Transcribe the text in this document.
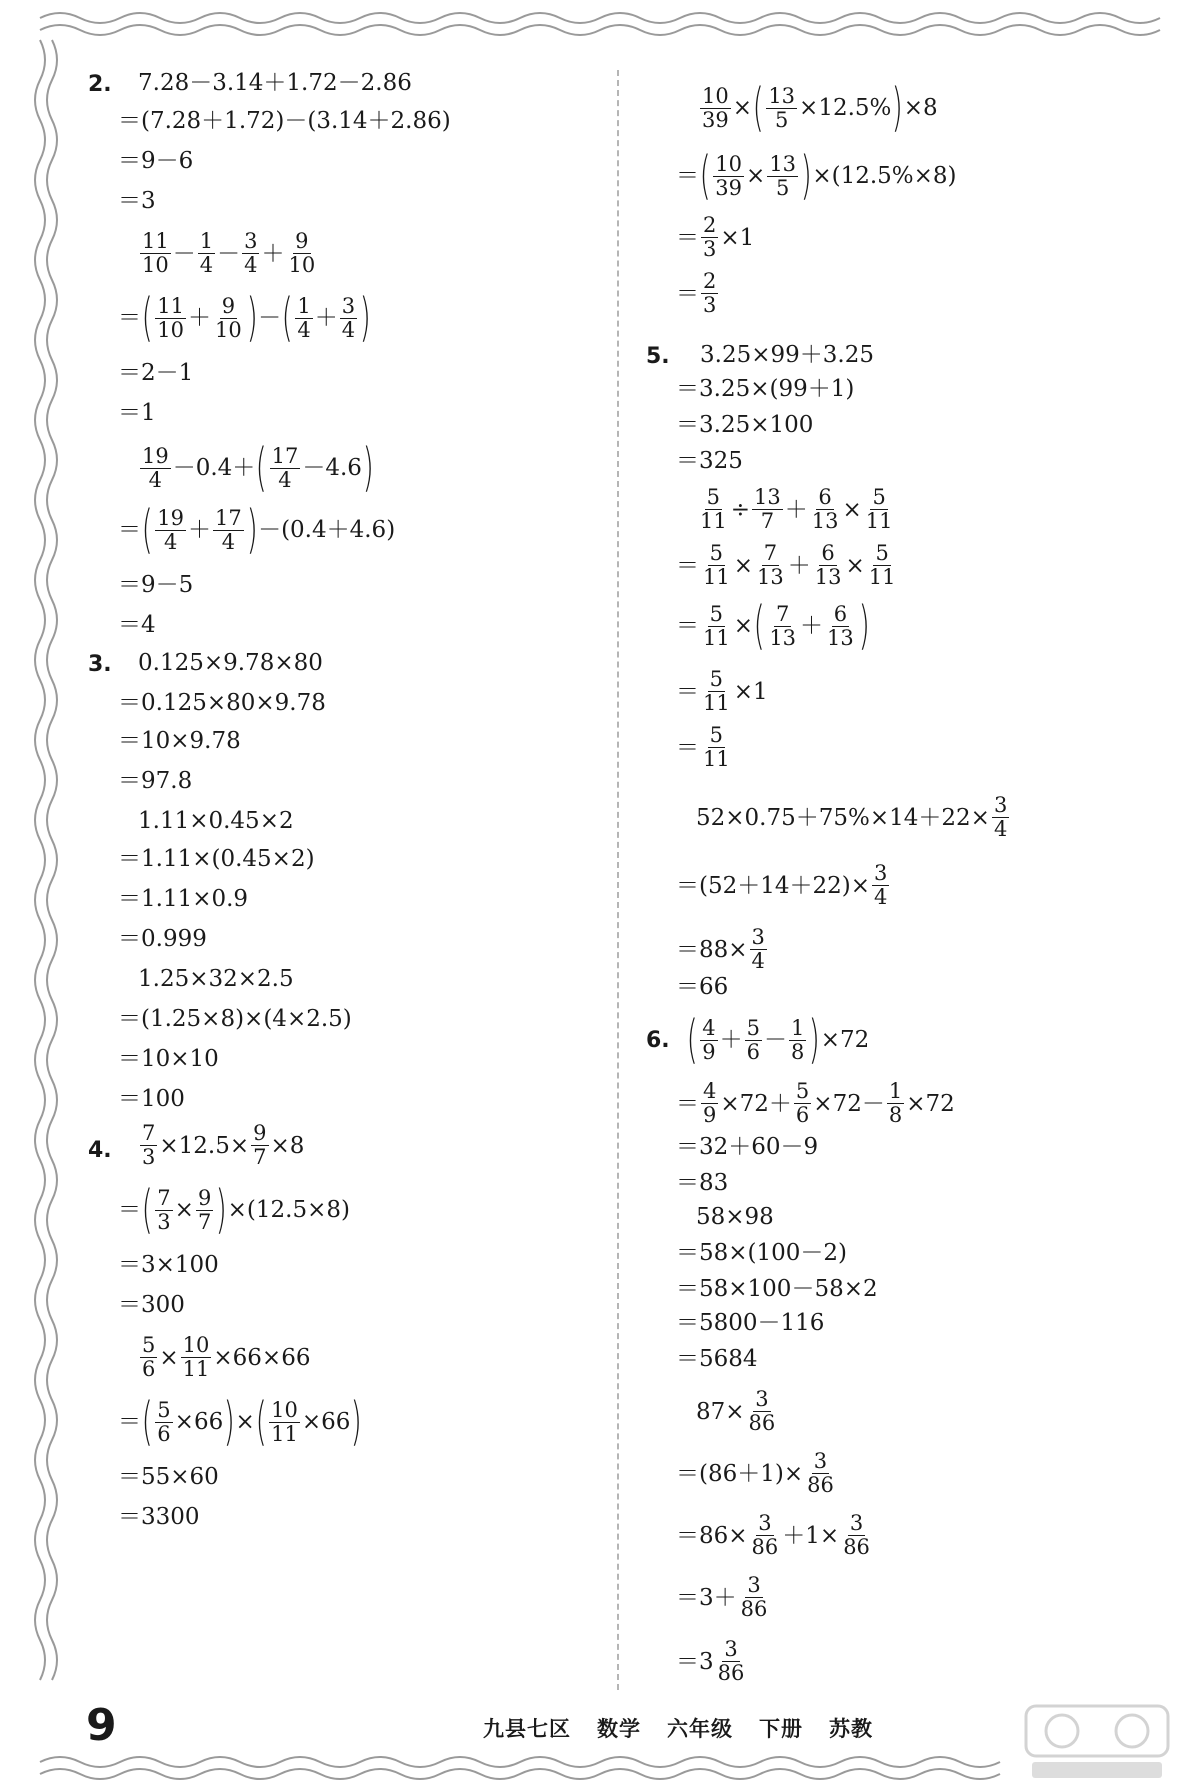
2. 7.28－3.14＋1.72－2.86
＝(7.28＋1.72)－(3.14＋2.86)
＝9－6
＝3
$\frac{11}{10} - \frac{1}{4} - \frac{3}{4} + \frac{9}{10}$
＝ ( $\frac{11}{10} + \frac{9}{10}$ ) － ( $\frac{1}{4} + \frac{3}{4}$ )
＝2－1
＝1
$\frac{19}{4} -0.4+$ ( $\frac{17}{4} -4.6$ )
＝ ( $\frac{19}{4} + \frac{17}{4}$ ) －(0.4＋4.6)
＝9－5
＝4
3. 0.125×9.78×80
＝0.125×80×9.78
＝10×9.78
＝97.8
1.11×0.45×2
＝1.11×(0.45×2)
＝1.11×0.9
＝0.999
1.25×32×2.5
＝(1.25×8)×(4×2.5)
＝10×10
＝100
4. $\frac{7}{3} \times 12.5\times \frac{9}{7} \times 8$
＝ ( $\frac{7}{3} \times \frac{9}{7}$ ) ×(12.5×8)
＝3×100
＝300
$\frac{5}{6} \times \frac{10}{11} \times 66\times 66$
＝ ( $\frac{5}{6} \times 66$ ) × ( $\frac{10}{11} \times 66$ )
＝55×60
＝3300
$\frac{10}{39}$ × ( $\frac{13}{5} \times 12.5\%$ ) ×8
＝ ( $\frac{10}{39} \times \frac{13}{5}$ ) ×(12.5%×8)
＝ $\frac{2}{3} \times 1$
＝ $\frac{2}{3}$
5. 3.25×99＋3.25
＝3.25×(99＋1)
＝3.25×100
＝325
$\frac{5}{11} \div \frac{13}{7} + \frac{6}{13} \times \frac{5}{11}$
＝ $\frac{5}{11} \times \frac{7}{13} + \frac{6}{13} \times \frac{5}{11}$
＝ $\frac{5}{11}$ × ( $\frac{7}{13} + \frac{6}{13}$ )
＝ $\frac{5}{11} \times 1$
＝ $\frac{5}{11}$
$52\times 0.75+75\%\times 14+22\times \frac{3}{4}$
$=(52+14+22)\times \frac{3}{4}$
$=88\times \frac{3}{4}$
＝66
6. ( $\frac{4}{9} + \frac{5}{6} - \frac{1}{8}$ ) ×72
＝ $\frac{4}{9} \times 72+ \frac{5}{6} \times 72- \frac{1}{8} \times 72$
＝32＋60－9
＝83
58×98
＝58×(100－2)
＝58×100－58×2
＝5800－116
＝5684
$87\times \frac{3}{86}$
$=(86+1)\times \frac{3}{86}$
$=86\times \frac{3}{86} +1\times \frac{3}{86}$
$=3+ \frac{3}{86}$
＝ $3 \frac{3}{86}$
9	九县七区 数学 六年级 下册 苏教
